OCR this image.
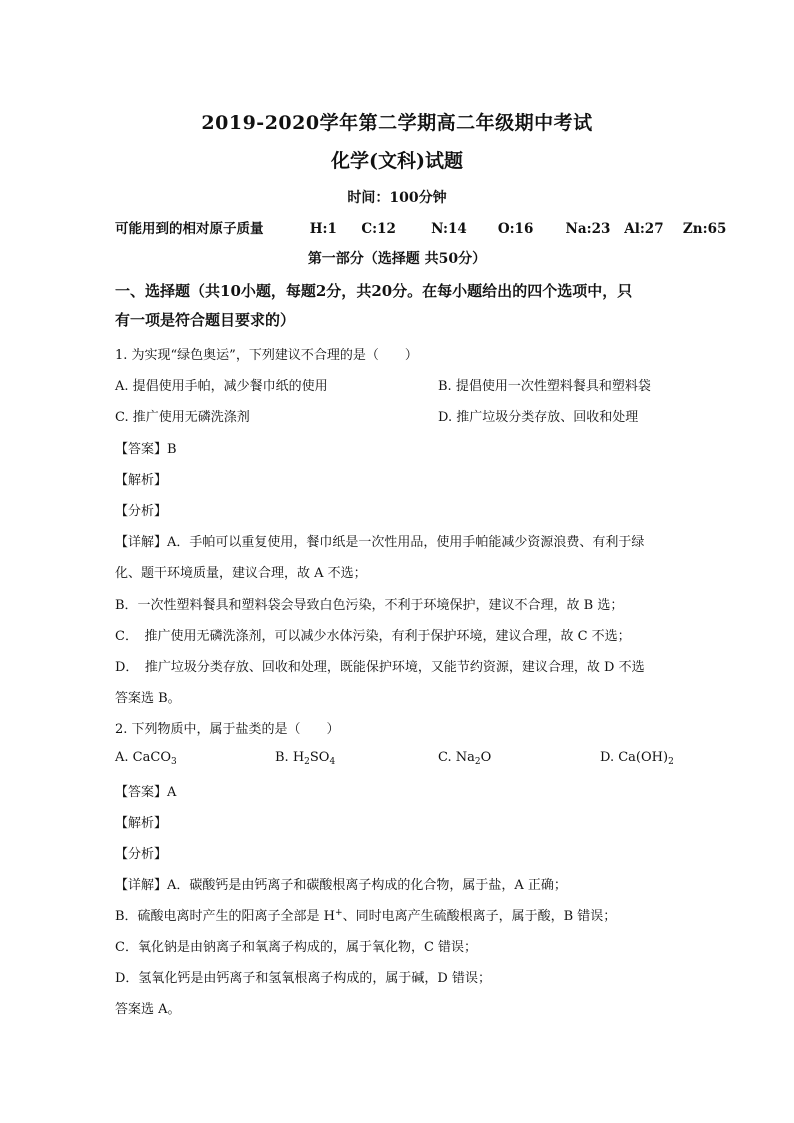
2019-2020学年第二学期高二年级期中考试
化学(文科)试题
时间：100分钟
可能用到的相对原子质量	H:1 C:12	N:14 O:16 Na:23 Al:27 Zn:65
第一部分（选择题 共50分）
一、选择题（共10小题，每题2分，共20分。在每小题给出的四个选项中，只
有一项是符合题目要求的）
1. 为实现“绿色奥运”，下列建议不合理的是（　　）
A. 提倡使用手帕，减少餐巾纸的使用	B. 提倡使用一次性塑料餐具和塑料袋
C. 推广使用无磷洗涤剂	D. 推广垃圾分类存放、回收和处理
【答案】B
【解析】
【分析】
【详解】A．手帕可以重复使用，餐巾纸是一次性用品，使用手帕能减少资源浪费、有利于绿
化、题干环境质量，建议合理，故 A 不选；
B．一次性塑料餐具和塑料袋会导致白色污染，不利于环境保护，建议不合理，故 B 选；
C．　推广使用无磷洗涤剂，可以减少水体污染，有利于保护环境，建议合理，故 C 不选；
D．　推广垃圾分类存放、回收和处理，既能保护环境，又能节约资源，建议合理，故 D 不选
答案选 B。
2. 下列物质中，属于盐类的是（　　）
A. CaCO$_3$	B. $H_2SO_4$	C. $Na_2O$	D. $Ca(OH)_2$
【答案】A
【解析】
【分析】
【详解】A．碳酸钙是由钙离子和碳酸根离子构成的化合物，属于盐，A 正确；
B．硫酸电离时产生的阳离子全部是 H+、同时电离产生硫酸根离子，属于酸，B 错误；
C．氧化钠是由钠离子和氧离子构成的，属于氧化物，C 错误；
D．氢氧化钙是由钙离子和氢氧根离子构成的，属于碱，D 错误；
答案选 A。
